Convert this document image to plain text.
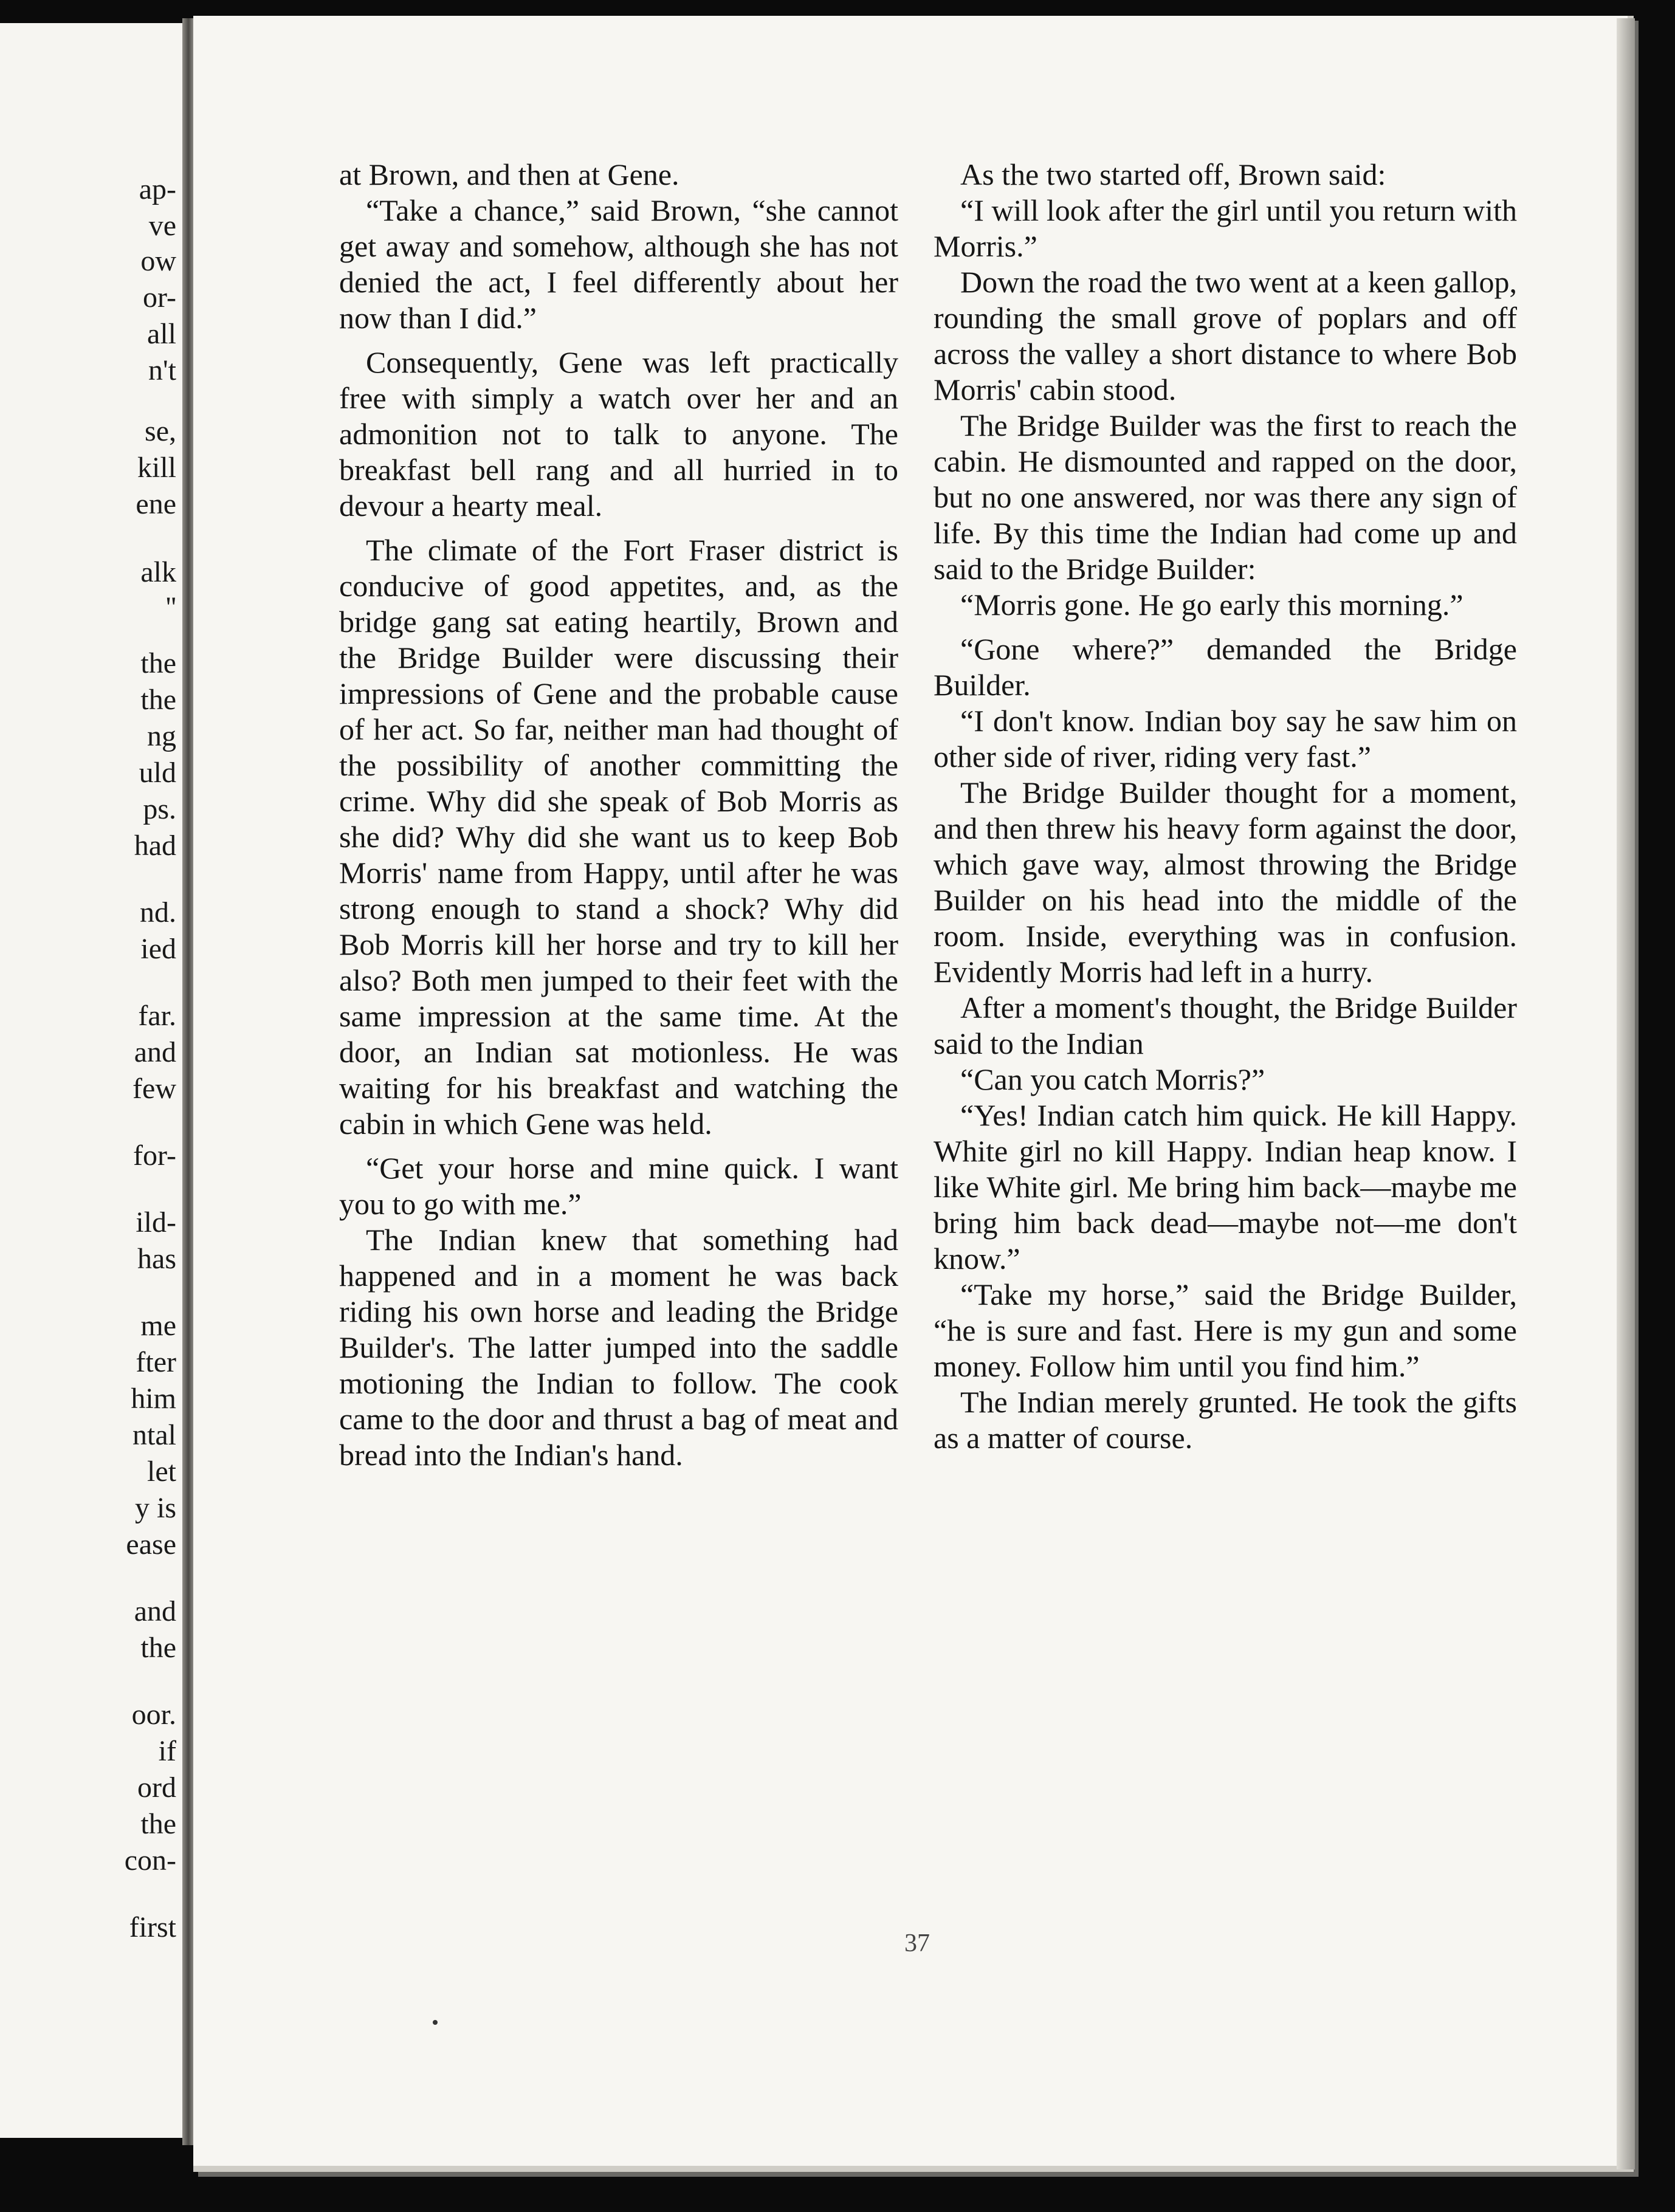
ap-
ve
ow
or-
all
n't
se,
kill
ene
alk
''
the
the
ng
uld
ps.
had
nd.
ied
far.
and
few
for-
ild-
has
me
fter
him
ntal
let
y is
ease
and
the
oor.
if
ord
the
con-
first

at Brown, and then at Gene.

“Take a chance,” said Brown, “she cannot get away and somehow, although she has not denied the act, I feel differently about her now than I did.”

Consequently, Gene was left practically free with simply a watch over her and an admonition not to talk to anyone. The breakfast bell rang and all hurried in to devour a hearty meal.

The climate of the Fort Fraser district is conducive of good appetites, and, as the bridge gang sat eating heartily, Brown and the Bridge Builder were discussing their impressions of Gene and the probable cause of her act. So far, neither man had thought of the possibility of another committing the crime. Why did she speak of Bob Morris as she did? Why did she want us to keep Bob Morris' name from Happy, until after he was strong enough to stand a shock? Why did Bob Morris kill her horse and try to kill her also? Both men jumped to their feet with the same impression at the same time. At the door, an Indian sat motionless. He was waiting for his breakfast and watching the cabin in which Gene was held.

“Get your horse and mine quick. I want you to go with me.”

The Indian knew that something had happened and in a moment he was back riding his own horse and leading the Bridge Builder's. The latter jumped into the saddle motioning the Indian to follow. The cook came to the door and thrust a bag of meat and bread into the Indian's hand.

As the two started off, Brown said:

“I will look after the girl until you return with Morris.”

Down the road the two went at a keen gallop, rounding the small grove of poplars and off across the valley a short distance to where Bob Morris' cabin stood.

The Bridge Builder was the first to reach the cabin. He dismounted and rapped on the door, but no one answered, nor was there any sign of life. By this time the Indian had come up and said to the Bridge Builder:

“Morris gone. He go early this morning.”

“Gone where?” demanded the Bridge Builder.

“I don't know. Indian boy say he saw him on other side of river, riding very fast.”

The Bridge Builder thought for a moment, and then threw his heavy form against the door, which gave way, almost throwing the Bridge Builder on his head into the middle of the room. Inside, everything was in confusion. Evidently Morris had left in a hurry.

After a moment's thought, the Bridge Builder said to the Indian

“Can you catch Morris?”

“Yes! Indian catch him quick. He kill Happy. White girl no kill Happy. Indian heap know. I like White girl. Me bring him back—maybe me bring him back dead—maybe not—me don't know.”

“Take my horse,” said the Bridge Builder, “he is sure and fast. Here is my gun and some money. Follow him until you find him.”

The Indian merely grunted. He took the gifts as a matter of course.

37
